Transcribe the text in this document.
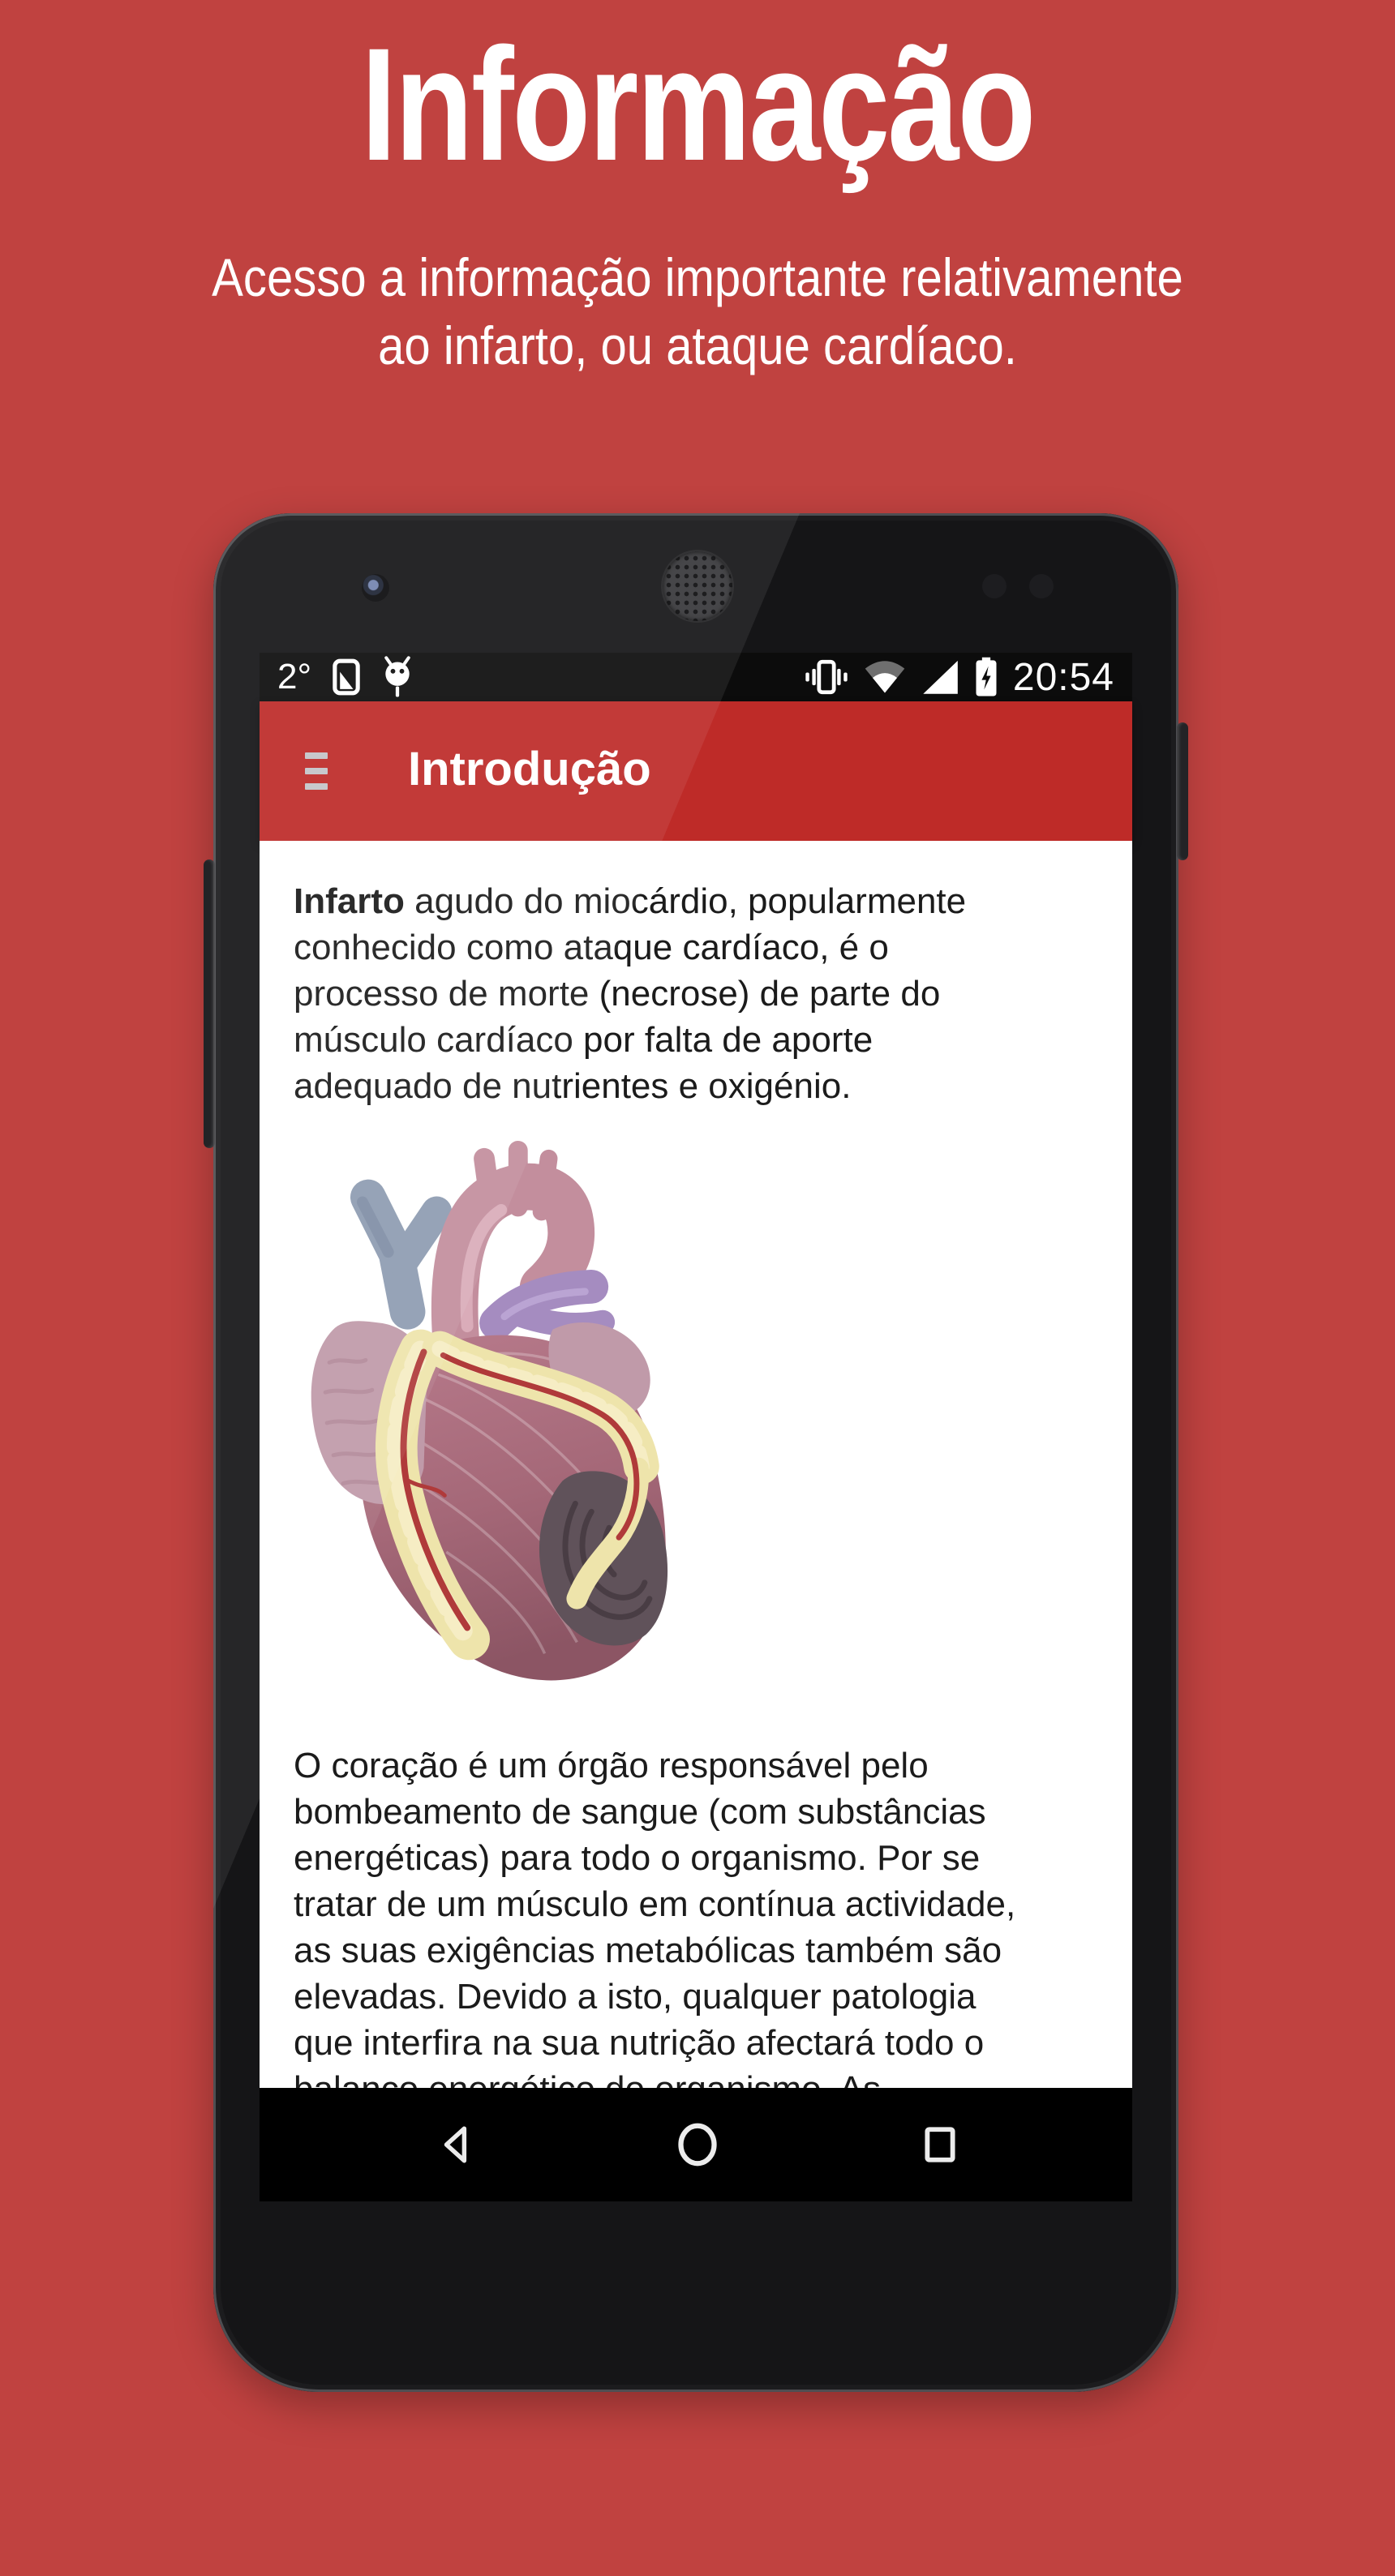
Informação
Acesso a informação importante relativamente
ao infarto, ou ataque cardíaco.
2°	20:54
Introdução
Infarto agudo do miocárdio, popularmente
conhecido como ataque cardíaco, é o
processo de morte (necrose) de parte do
músculo cardíaco por falta de aporte
adequado de nutrientes e oxigénio.
O coração é um órgão responsável pelo
bombeamento de sangue (com substâncias
energéticas) para todo o organismo. Por se
tratar de um músculo em contínua actividade,
as suas exigências metabólicas também são
elevadas. Devido a isto, qualquer patologia
que interfira na sua nutrição afectará todo o
